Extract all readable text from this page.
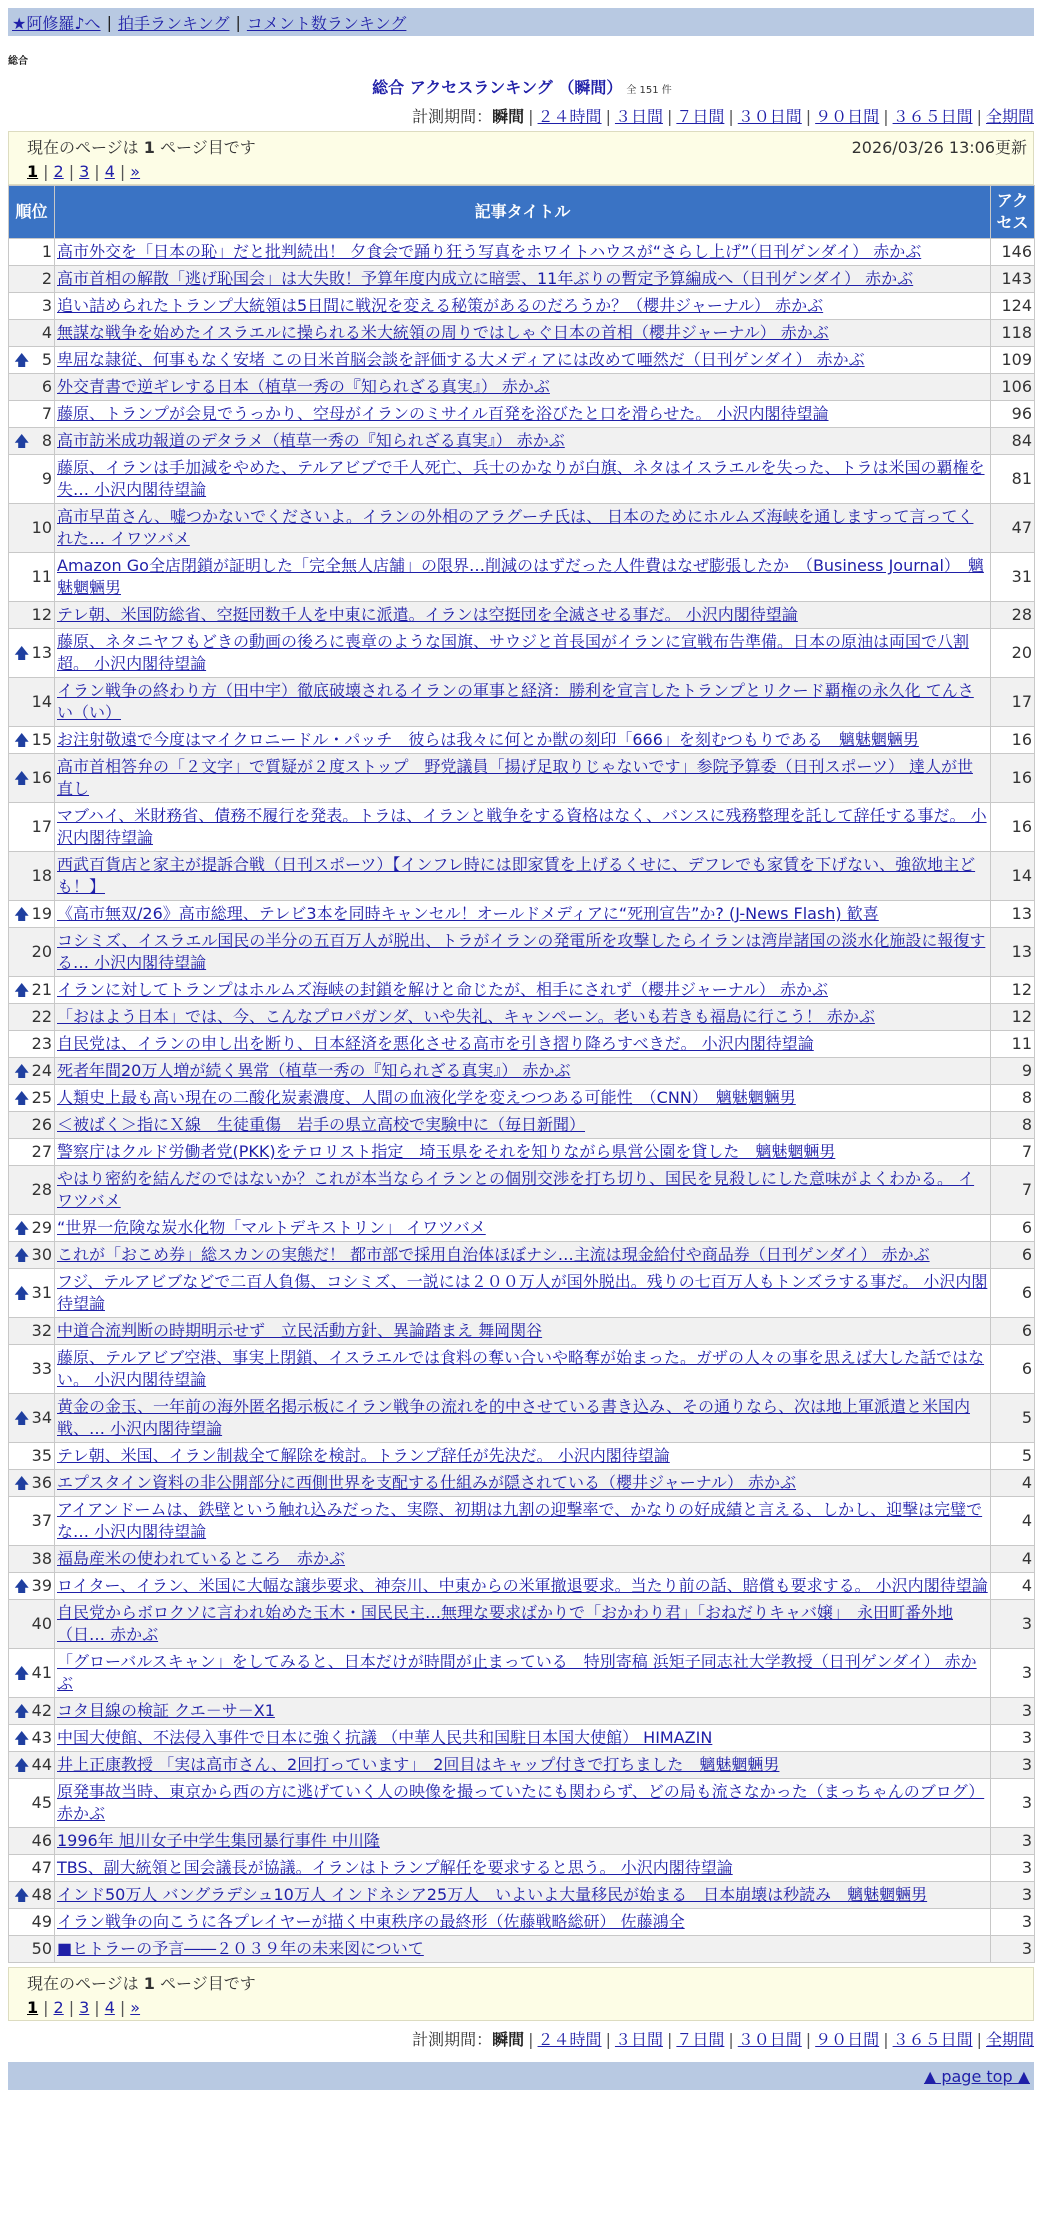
★阿修羅♪へ | 拍手ランキング | コメント数ランキング
総合
総合 アクセスランキング （瞬間） 全 151 件
計測期間：瞬間 | ２４時間 | ３日間 | ７日間 | ３０日間 | ９０日間 | ３６５日間 | 全期間
現在のページは 1 ページ目です	2026/03/26 13:06更新
1 | 2 | 3 | 4 | »
順位	記事タイトル	アクセス
1	高市外交を「日本の恥」だと批判続出！ 夕食会で踊り狂う写真をホワイトハウスが“さらし上げ”（日刊ゲンダイ） 赤かぶ	146
2	高市首相の解散「逃げ恥国会」は大失敗！予算年度内成立に暗雲、11年ぶりの暫定予算編成へ（日刊ゲンダイ） 赤かぶ	143
3	追い詰められたトランプ大統領は5日間に戦況を変える秘策があるのだろうか？（櫻井ジャーナル） 赤かぶ	124
4	無謀な戦争を始めたイスラエルに操られる米大統領の周りではしゃぐ日本の首相（櫻井ジャーナル） 赤かぶ	118

🡅 5	卑屈な隷従、何事もなく安堵 この日米首脳会談を評価する大メディアには改めて唖然だ（日刊ゲンダイ） 赤かぶ	109
6	外交青書で逆ギレする日本（植草一秀の『知られざる真実』） 赤かぶ	106
7	藤原、トランプが会見でうっかり、空母がイランのミサイル百発を浴びたと口を滑らせた。 小沢内閣待望論	96

🡅 8	高市訪米成功報道のデタラメ（植草一秀の『知られざる真実』） 赤かぶ	84
9	藤原、イランは手加減をやめた、テルアビブで千人死亡、兵士のかなりが白旗、ネタはイスラエルを失った、トラは米国の覇権を失… 小沢内閣待望論	81
10	高市早苗さん、嘘つかないでくださいよ。イランの外相のアラグーチ氏は、 日本のためにホルムズ海峡を通しますって言ってくれた… イワツバメ	47
11	Amazon Go全店閉鎖が証明した「完全無人店舗」の限界…削減のはずだった人件費はなぜ膨張したか　（Business Journal）　魑魅魍魎男	31
12	テレ朝、米国防総省、空挺団数千人を中東に派遣。イランは空挺団を全滅させる事だ。 小沢内閣待望論	28

🡅 13	藤原、ネタニヤフもどきの動画の後ろに喪章のような国旗、サウジと首長国がイランに宣戦布告準備。日本の原油は両国で八割超。 小沢内閣待望論	20
14	イラン戦争の終わり方（田中宇）徹底破壊されるイランの軍事と経済：勝利を宣言したトランプとリクード覇権の永久化 てんさい（い）	17

🡅 15	お注射敬遠で今度はマイクロニードル・パッチ　彼らは我々に何とか獣の刻印「666」を刻むつもりである　魑魅魍魎男	16

🡅 16	高市首相答弁の「２文字」で質疑が２度ストップ　野党議員「揚げ足取りじゃないです」参院予算委（日刊スポーツ） 達人が世直し	16
17	マブハイ、米財務省、債務不履行を発表。トラは、イランと戦争をする資格はなく、バンスに残務整理を託して辞任する事だ。 小沢内閣待望論	16
18	西武百貨店と家主が提訴合戦（日刊スポーツ）【インフレ時には即家賃を上げるくせに、デフレでも家賃を下げない、強欲地主ども！】	14

🡅 19	《高市無双/26》高市総理、テレビ3本を同時キャンセル！オールドメディアに“死刑宣告”か? (J-News Flash) 歓喜	13
20	コシミズ、イスラエル国民の半分の五百万人が脱出、トラがイランの発電所を攻撃したらイランは湾岸諸国の淡水化施設に報復する… 小沢内閣待望論	13

🡅 21	イランに対してトランプはホルムズ海峡の封鎖を解けと命じたが、相手にされず（櫻井ジャーナル） 赤かぶ	12
22	「おはよう日本」では、今、こんなプロパガンダ、いや失礼、キャンペーン。老いも若きも福島に行こう！ 赤かぶ	12
23	自民党は、イランの申し出を断り、日本経済を悪化させる高市を引き摺り降ろすべきだ。 小沢内閣待望論	11

🡅 24	死者年間20万人増が続く異常（植草一秀の『知られざる真実』） 赤かぶ	9

🡅 25	人類史上最も高い現在の二酸化炭素濃度、人間の血液化学を変えつつある可能性　（CNN）　魑魅魍魎男	8
26	＜被ばく＞指にＸ線　生徒重傷　岩手の県立高校で実験中に（毎日新聞）	8
27	警察庁はクルド労働者党(PKK)をテロリスト指定　埼玉県をそれを知りながら県営公園を貸した　魑魅魍魎男	7
28	やはり密約を結んだのではないか？これが本当ならイランとの個別交渉を打ち切り、国民を見殺しにした意味がよくわかる。 イワツバメ	7

🡅 29	“世界一危険な炭水化物「マルトデキストリン」 イワツバメ	6

🡅 30	これが「おこめ券」総スカンの実態だ！ 都市部で採用自治体ほぼナシ…主流は現金給付や商品券（日刊ゲンダイ） 赤かぶ	6

🡅 31	フジ、テルアビブなどで二百人負傷、コシミズ、一説には２００万人が国外脱出。残りの七百万人もトンズラする事だ。 小沢内閣待望論	6
32	中道合流判断の時期明示せず　立民活動方針、異論踏まえ 舞岡関谷	6
33	藤原、テルアビブ空港、事実上閉鎖、イスラエルでは食料の奪い合いや略奪が始まった。ガザの人々の事を思えば大した話ではない。 小沢内閣待望論	6

🡅 34	黄金の金玉、一年前の海外匿名掲示板にイラン戦争の流れを的中させている書き込み、その通りなら、次は地上軍派遣と米国内戦、… 小沢内閣待望論	5
35	テレ朝、米国、イラン制裁全て解除を検討。トランプ辞任が先決だ。 小沢内閣待望論	5

🡅 36	エプスタイン資料の非公開部分に西側世界を支配する仕組みが隠されている（櫻井ジャーナル） 赤かぶ	4
37	アイアンドームは、鉄壁という触れ込みだった、実際、初期は九割の迎撃率で、かなりの好成績と言える、しかし、迎撃は完璧でな… 小沢内閣待望論	4
38	福島産米の使われているところ　赤かぶ	4

🡅 39	ロイター、イラン、米国に大幅な譲歩要求、神奈川、中東からの米軍撤退要求。当たり前の話、賠償も要求する。 小沢内閣待望論	4
40	自民党からボロクソに言われ始めた玉木・国民民主…無理な要求ばかりで「おかわり君」「おねだりキャバ嬢」　永田町番外地（日… 赤かぶ	3

🡅 41	「グローバルスキャン」をしてみると、日本だけが時間が止まっている　特別寄稿 浜矩子同志社大学教授（日刊ゲンダイ） 赤かぶ	3

🡅 42	コタ目線の検証 クエ－サ－X1	3

🡅 43	中国大使館、不法侵入事件で日本に強く抗議 （中華人民共和国駐日本国大使館） HIMAZIN	3

🡅 44	井上正康教授 「実は高市さん、2回打っています」　2回目はキャップ付きで打ちました　魑魅魍魎男	3
45	原発事故当時、東京から西の方に逃げていく人の映像を撮っていたにも関わらず、どの局も流さなかった（まっちゃんのブログ） 赤かぶ	3
46	1996年 旭川女子中学生集団暴行事件 中川隆	3
47	TBS、副大統領と国会議長が協議。イランはトランプ解任を要求すると思う。 小沢内閣待望論	3

🡅 48	インド50万人 バングラデシュ10万人 インドネシア25万人　いよいよ大量移民が始まる　日本崩壊は秒読み　魑魅魍魎男	3
49	イラン戦争の向こうに各プレイヤーが描く中東秩序の最終形（佐藤戦略総研） 佐藤鴻全	3
50	■ヒトラーの予言――２０３９年の未来図について	3
現在のページは 1 ページ目です
1 | 2 | 3 | 4 | »
計測期間：瞬間 | ２４時間 | ３日間 | ７日間 | ３０日間 | ９０日間 | ３６５日間 | 全期間
▲ page top ▲
